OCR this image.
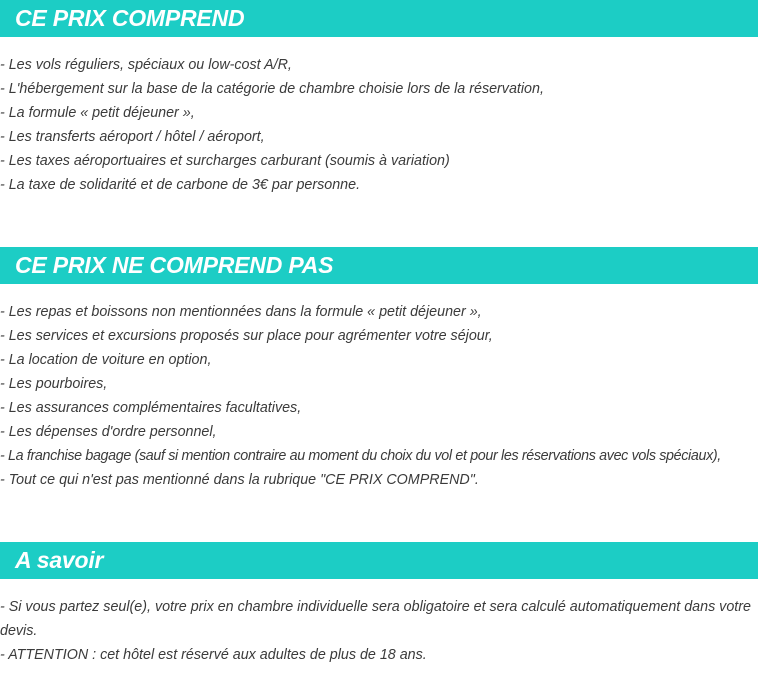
CE PRIX COMPREND
- Les vols réguliers, spéciaux ou low-cost A/R,
- L'hébergement sur la base de la catégorie de chambre choisie lors de la réservation,
- La formule « petit déjeuner »,
- Les transferts aéroport / hôtel / aéroport,
- Les taxes aéroportuaires et surcharges carburant (soumis à variation)
- La taxe de solidarité et de carbone de 3€ par personne.
CE PRIX NE COMPREND PAS
- Les repas et boissons non mentionnées dans la formule « petit déjeuner »,
- Les services et excursions proposés sur place pour agrémenter votre séjour,
- La location de voiture en option,
- Les pourboires,
- Les assurances complémentaires facultatives,
- Les dépenses d'ordre personnel,
- La franchise bagage (sauf si mention contraire au moment du choix du vol et pour les réservations avec vols spéciaux),
- Tout ce qui n'est pas mentionné dans la rubrique "CE PRIX COMPREND".
A savoir
- Si vous partez seul(e), votre prix en chambre individuelle sera obligatoire et sera calculé automatiquement dans votre devis.
- ATTENTION : cet hôtel est réservé aux adultes de plus de 18 ans.
